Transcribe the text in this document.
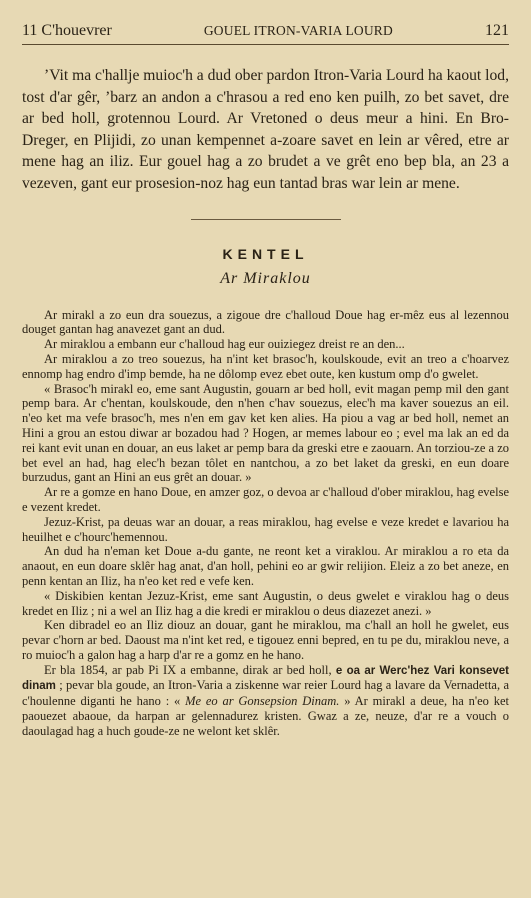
11 C'houevrer	GOUEL ITRON-VARIA LOURD	121

’Vit ma c'hallje muioc'h a dud ober pardon Itron-Varia Lourd ha kaout lod, tost d'ar gêr, ’barz an andon a c'hrasou a red eno ken puilh, zo bet savet, dre ar bed holl, grotennou Lourd. Ar Vretoned o deus meur a hini. En Bro-Dreger, en Plijidi, zo unan kempennet a-zoare savet en lein ar vêred, etre ar mene hag an iliz. Eur gouel hag a zo brudet a ve grêt eno bep bla, an 23 a vezeven, gant eur prosesion-noz hag eun tantad bras war lein ar mene.

KENTEL
Ar Miraklou

Ar mirakl a zo eun dra souezus, a zigoue dre c'halloud Doue hag er-mêz eus al lezennou douget gantan hag anavezet gant an dud.

Ar miraklou a embann eur c'halloud hag eur ouiziegez dreist re an den...

Ar miraklou a zo treo souezus, ha n'int ket brasoc'h, koulskoude, evit an treo a c'hoarvez ennomp hag endro d'imp bemde, ha ne dôlomp evez ebet oute, ken kustum omp d'o gwelet.

« Brasoc'h mirakl eo, eme sant Augustin, gouarn ar bed holl, evit magan pemp mil den gant pemp bara. Ar c'hentan, koulskoude, den n'hen c'hav souezus, elec'h ma kaver souezus an eil. n'eo ket ma vefe brasoc'h, mes n'en em gav ket ken alies. Ha piou a vag ar bed holl, nemet an Hini a grou an estou diwar ar bozadou had ? Hogen, ar memes labour eo ; evel ma lak an ed da rei kant evit unan en douar, an eus laket ar pemp bara da greski etre e zaouarn. An torziou-ze a zo bet evel an had, hag elec'h bezan tôlet en nantchou, a zo bet laket da greski, en eun doare burzudus, gant an Hini an eus grêt an douar. »

Ar re a gomze en hano Doue, en amzer goz, o devoa ar c'halloud d'ober miraklou, hag evelse e vezent kredet.

Jezuz-Krist, pa deuas war an douar, a reas miraklou, hag evelse e veze kredet e lavariou ha heuilhet e c'hourc'hemennou.

An dud ha n'eman ket Doue a-du gante, ne reont ket a viraklou. Ar miraklou a ro eta da anaout, en eun doare sklêr hag anat, d'an holl, pehini eo ar gwir relijion. Eleiz a zo bet aneze, en penn kentan an Iliz, ha n'eo ket red e vefe ken.

« Diskibien kentan Jezuz-Krist, eme sant Augustin, o deus gwelet e viraklou hag o deus kredet en Iliz ; ni a wel an Iliz hag a die kredi er miraklou o deus diazezet anezi. »

Ken dibradel eo an Iliz diouz an douar, gant he miraklou, ma c'hall an holl he gwelet, eus pevar c'horn ar bed. Daoust ma n'int ket red, e tigouez enni bepred, en tu pe du, miraklou neve, a ro muioc'h a galon hag a harp d'ar re a gomz en he hano.

Er bla 1854, ar pab Pi IX a embanne, dirak ar bed holl, e oa ar Werc'hez Vari konsevet dinam ; pevar bla goude, an Itron-Varia a ziskenne war reier Lourd hag a lavare da Vernadetta, a c'houlenne diganti he hano : « Me eo ar Gonsepsion Dinam. » Ar mirakl a deue, ha n'eo ket paouezet abaoue, da harpan ar gelennadurez kristen. Gwaz a ze, neuze, d'ar re a vouch o daoulagad hag a huch goude-ze ne welont ket sklêr.
